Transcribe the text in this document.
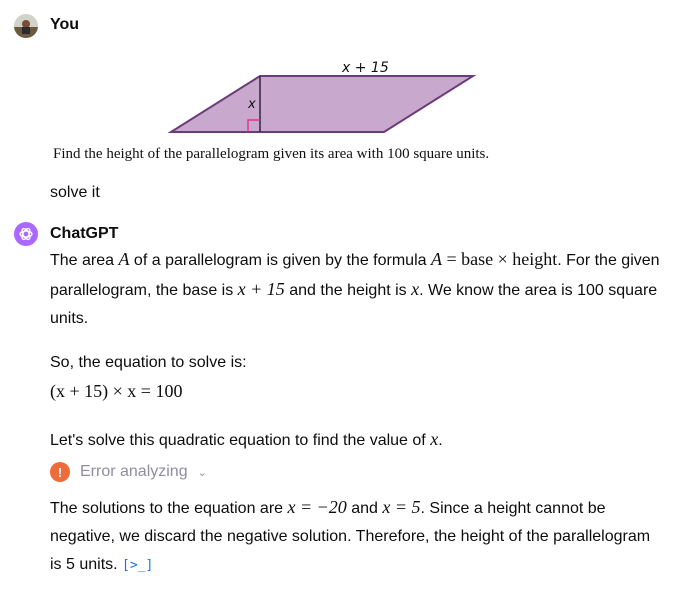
You
x + 15
x
Find the height of the parallelogram given its area with 100 square units.
solve it
ChatGPT
The area A of a parallelogram is given by the formula A = base × height. For the given parallelogram, the base is x + 15 and the height is x. We know the area is 100 square units.
So, the equation to solve is:
(x + 15) × x = 100
Let's solve this quadratic equation to find the value of x.
!	Error analyzing ⌄
The solutions to the equation are x = −20 and x = 5. Since a height cannot be negative, we discard the negative solution. Therefore, the height of the parallelogram is 5 units. [>_]
